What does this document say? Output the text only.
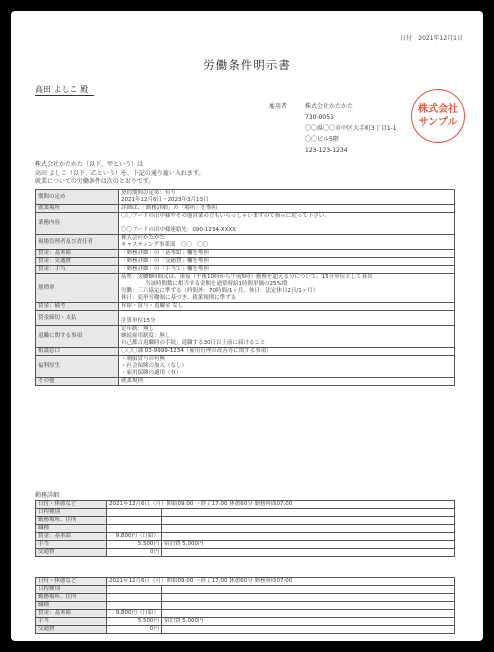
日付　2021年12月1日
労働条件明示書
高田 よしこ 殿
雇用者	株式会社かたかた
730-0051
〇〇県〇〇市中区大手町3丁目1-1
〇〇ビル5階
123-123-1234
株式会社
サンプル
株式会社かたかた（以下、甲という）は
高田 よしこ（以下、乙という）を、下記の通り雇い入れます。
就業についての労働条件は次のとおりです。
期間の定め	契約期間の定め：有り
2021年12月6日〜2023年3月13日

就業場所	詳細は、「勤務詳細」の「場所」を参照

業務内容	〇〇フードの田中様やその他営業の方もいらっしゃいますので指示に従って下さい。

〇〇フードの田中様連絡先：090-1234-XXXX

現場管理者及び責任者	株式会社かたかた
キャスティング事業部　〇〇　〇〇

賃金：基本給	「勤務詳細」の「基本給」欄を参照

賃金：交通費	「勤務詳細」の「交通費」欄を参照

賃金：手当	「勤務詳細」の「手当て」欄を参照

割増率	基準：実働8時間又は、深夜（午後10時から午前5時）勤務を超える分について、15分単位として算出
当該時間数に相当する金額を通常時給1時間単価の25%増
労働：三六協定に準ずる（時間外：70時間/1ヶ月、休日：法定休日2日/1ヶ月）
休日：変形労働制に基づき、就業規則に準ずる

賃金：備考	昇給・賞与・退職金 なし

賃金締切・支払	計算単位15分

退職に関する事項	定年制：無し
継続雇用制度：無し
自己都合退職時の手続：退職する30日以上前に届けること

相談窓口	〇〇〇課 03-9999-1234（雇用管理の改善等に関する事項）

福利厚生	・制服貸与の有無
・社会保険の加入（なし）
・雇用保険の適用（有）

その他	就業規則
勤務詳細
日付・休憩など	2021年12月6日（月）開始09:00 〜終了17:00 休憩60分 勤務時間07:00	
日程種別		
勤務場所、住所		
職種		
賃金：基本給	9,800円（日給）	
手当	5,500円	宿泊費 5,000円
交通費	0円	
日付・休憩など	2021年12月6日（月）開始09:00 〜終了17:00 休憩60分 勤務時間07:00	
日程種別		
勤務場所、住所		
職種		
賃金：基本給	9,800円（日給）	
手当	5,500円	宿泊費 5,000円
交通費	0円	
